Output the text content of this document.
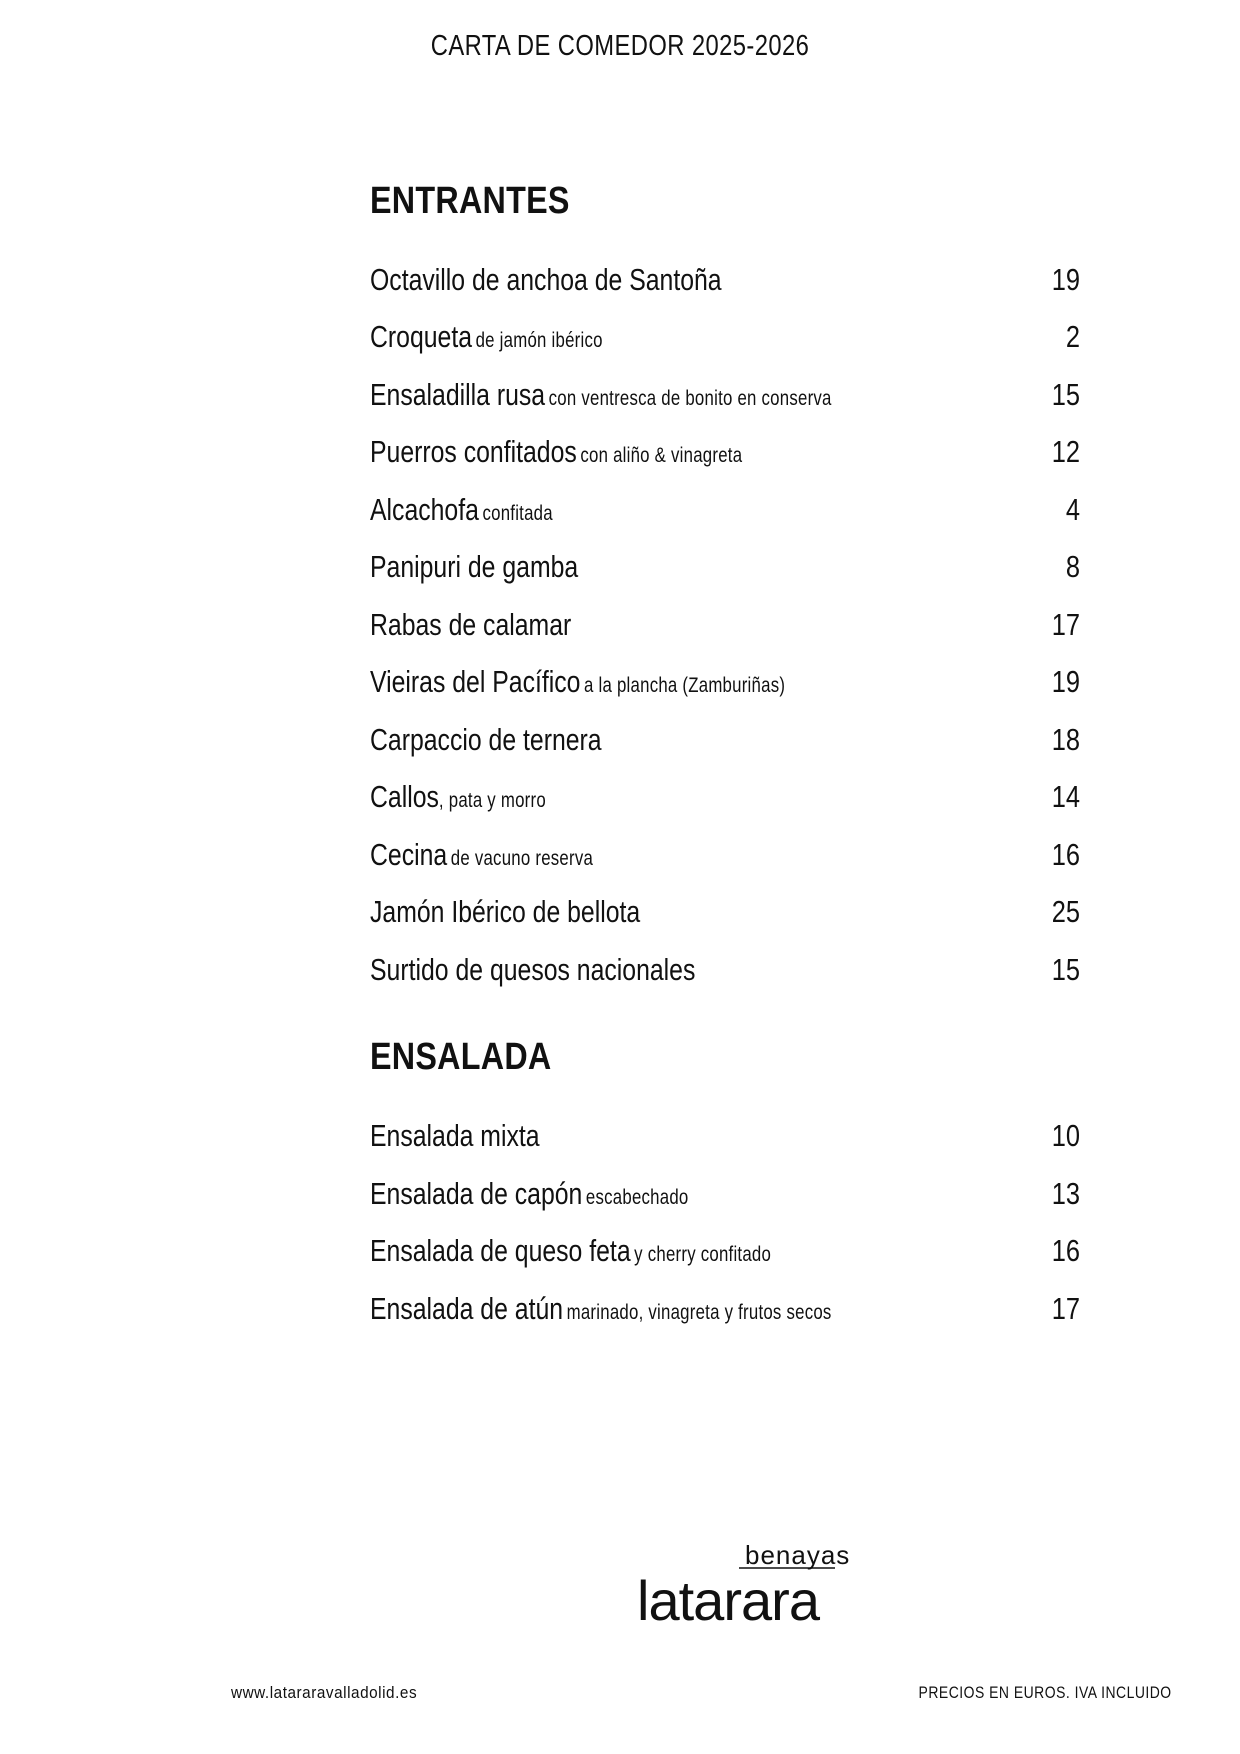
CARTA DE COMEDOR 2025-2026
ENTRANTES
Octavillo de anchoa de Santoña	19
Croqueta de jamón ibérico	2
Ensaladilla rusa con ventresca de bonito en conserva	15
Puerros confitados con aliño & vinagreta	12
Alcachofa confitada	4
Panipuri de gamba	8
Rabas de calamar	17
Vieiras del Pacífico a la plancha (Zamburiñas)	19
Carpaccio de ternera	18
Callos, pata y morro	14
Cecina de vacuno reserva	16
Jamón Ibérico de bellota	25
Surtido de quesos nacionales	15
ENSALADA
Ensalada mixta	10
Ensalada de capón escabechado	13
Ensalada de queso feta y cherry confitado	16
Ensalada de atún marinado, vinagreta y frutos secos	17
benayas
latarara
www.latararavalladolid.es	PRECIOS EN EUROS. IVA INCLUIDO
